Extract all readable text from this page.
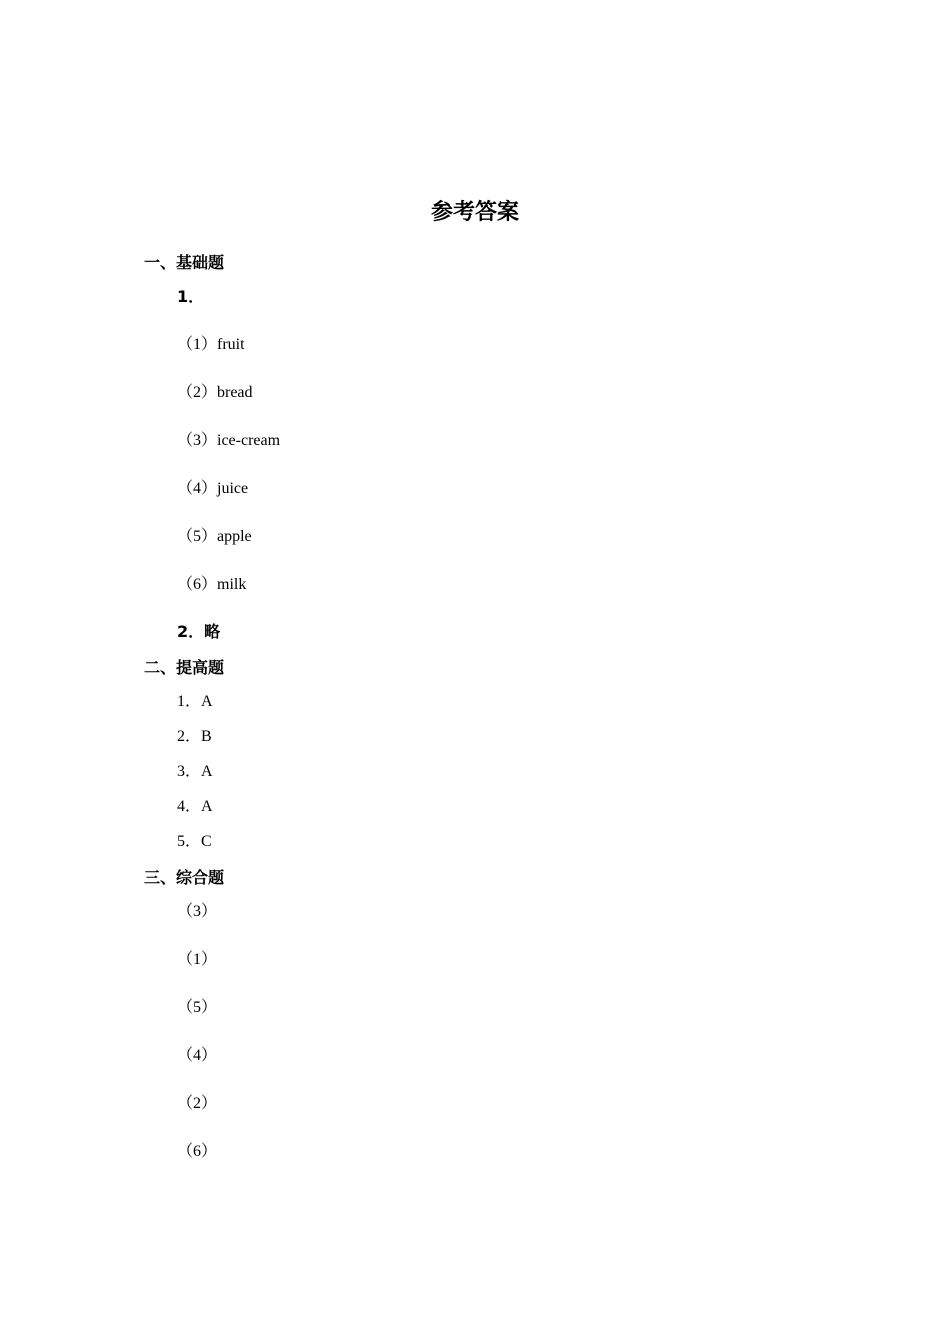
参考答案
一、基础题
1．
（1）fruit
（2）bread
（3）ice-cream
（4）juice
（5）apple
（6）milk
2．略
二、提高题
1．A
2．B
3．A
4．A
5．C
三、综合题
（3）
（1）
（5）
（4）
（2）
（6）
